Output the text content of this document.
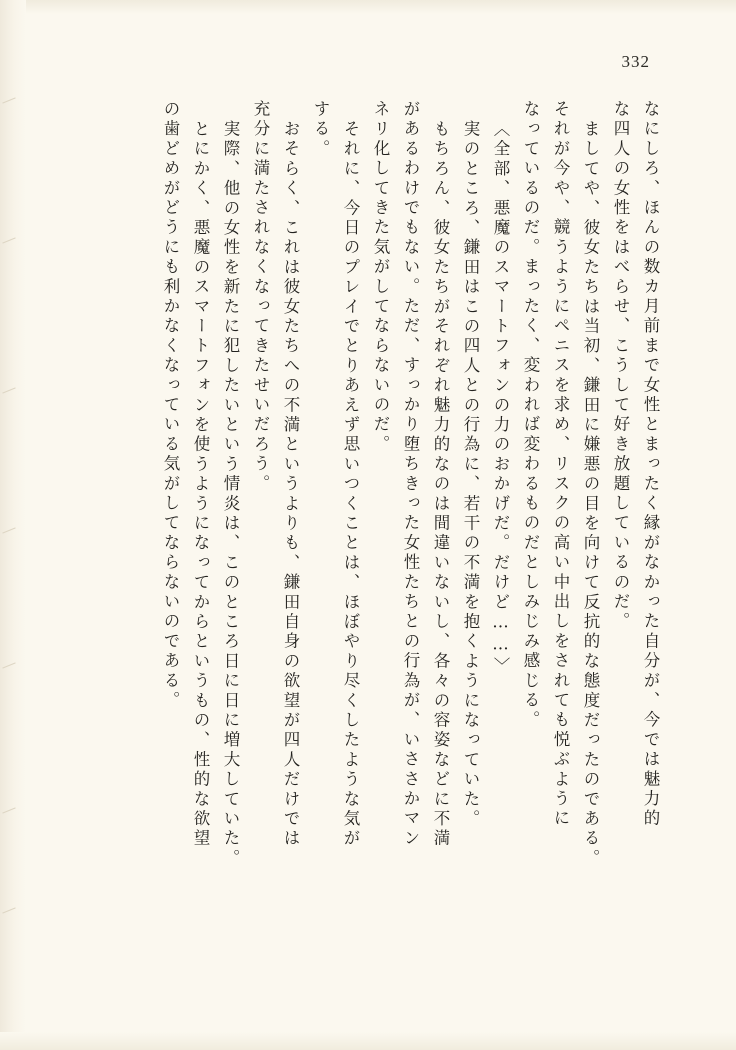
332
なにしろ、ほんの数カ月前まで女性とまったく縁がなかった自分が、今では魅力的
な四人の女性をはべらせ、こうして好き放題しているのだ。
ましてや、彼女たちは当初、鎌田に嫌悪の目を向けて反抗的な態度だったのである。
それが今や、競うようにペニスを求め、リスクの高い中出しをされても悦ぶように
なっているのだ。まったく、変われば変わるものだとしみじみ感じる。
〈全部、悪魔のスマートフォンの力のおかげだ。だけど……〉
実のところ、鎌田はこの四人との行為に、若干の不満を抱くようになっていた。
もちろん、彼女たちがそれぞれ魅力的なのは間違いないし、各々の容姿などに不満
があるわけでもない。ただ、すっかり堕ちきった女性たちとの行為が、いささかマン
ネリ化してきた気がしてならないのだ。
それに、今日のプレイでとりあえず思いつくことは、ほぼやり尽くしたような気が
する。
おそらく、これは彼女たちへの不満というよりも、鎌田自身の欲望が四人だけでは
充分に満たされなくなってきたせいだろう。
実際、他の女性を新たに犯したいという情炎は、このところ日に日に増大していた。
とにかく、悪魔のスマートフォンを使うようになってからというもの、性的な欲望
の歯どめがどうにも利かなくなっている気がしてならないのである。
